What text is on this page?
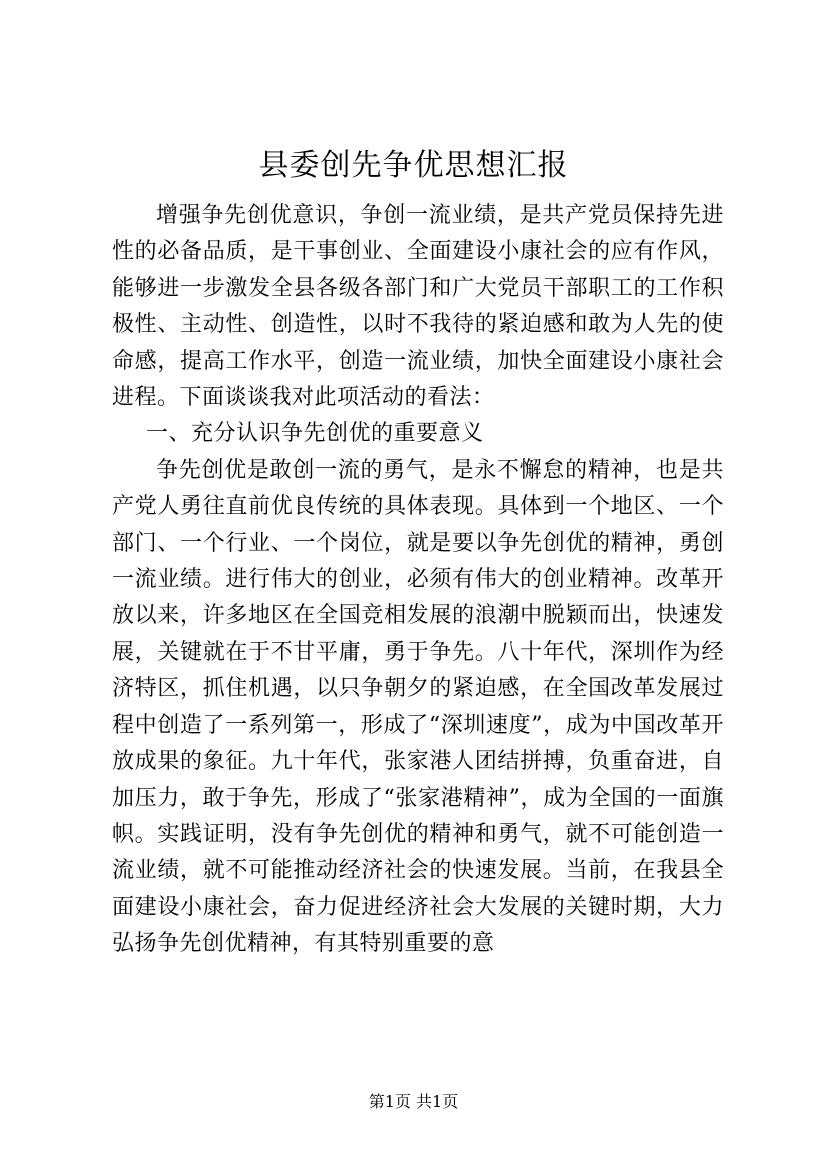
县委创先争优思想汇报

增强争先创优意识，争创一流业绩，是共产党员保持先进性的必备品质，是干事创业、全面建设小康社会的应有作风，能够进一步激发全县各级各部门和广大党员干部职工的工作积极性、主动性、创造性，以时不我待的紧迫感和敢为人先的使命感，提高工作水平，创造一流业绩，加快全面建设小康社会进程。下面谈谈我对此项活动的看法：

一、充分认识争先创优的重要意义

争先创优是敢创一流的勇气，是永不懈怠的精神，也是共产党人勇往直前优良传统的具体表现。具体到一个地区、一个部门、一个行业、一个岗位，就是要以争先创优的精神，勇创一流业绩。进行伟大的创业，必须有伟大的创业精神。改革开放以来，许多地区在全国竞相发展的浪潮中脱颖而出，快速发展，关键就在于不甘平庸，勇于争先。八十年代，深圳作为经济特区，抓住机遇，以只争朝夕的紧迫感，在全国改革发展过程中创造了一系列第一，形成了“深圳速度”，成为中国改革开放成果的象征。九十年代，张家港人团结拼搏，负重奋进，自加压力，敢于争先，形成了“张家港精神”，成为全国的一面旗帜。实践证明，没有争先创优的精神和勇气，就不可能创造一流业绩，就不可能推动经济社会的快速发展。当前，在我县全面建设小康社会，奋力促进经济社会大发展的关键时期，大力弘扬争先创优精神，有其特别重要的意

第1页 共1页
